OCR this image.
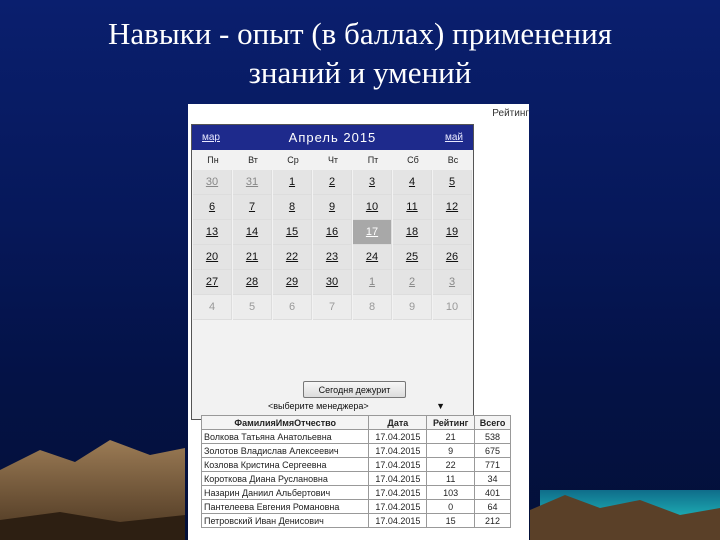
Навыки - опыт (в баллах) применения
знаний и умений
Рейтинг
мар	Апрель 2015	май
Пн	Вт	Ср	Чт	Пт	Сб	Вс
30	31	1	2	3	4	5
6	7	8	9	10	11	12
13	14	15	16	17	18	19
20	21	22	23	24	25	26
27	28	29	30	1	2	3
4	5	6	7	8	9	10
Сегодня дежурит
<выберите менеджера>	▼
ФамилияИмяОтчество	Дата	Рейтинг	Всего
Волкова Татьяна Анатольевна	17.04.2015	21	538
Золотов Владислав Алексеевич	17.04.2015	9	675
Козлова Кристина Сергеевна	17.04.2015	22	771
Короткова Диана Руслановна	17.04.2015	11	34
Назарин Даниил Альбертович	17.04.2015	103	401
Пантелеева Евгения Романовна	17.04.2015	0	64
Петровский Иван Денисович	17.04.2015	15	212
